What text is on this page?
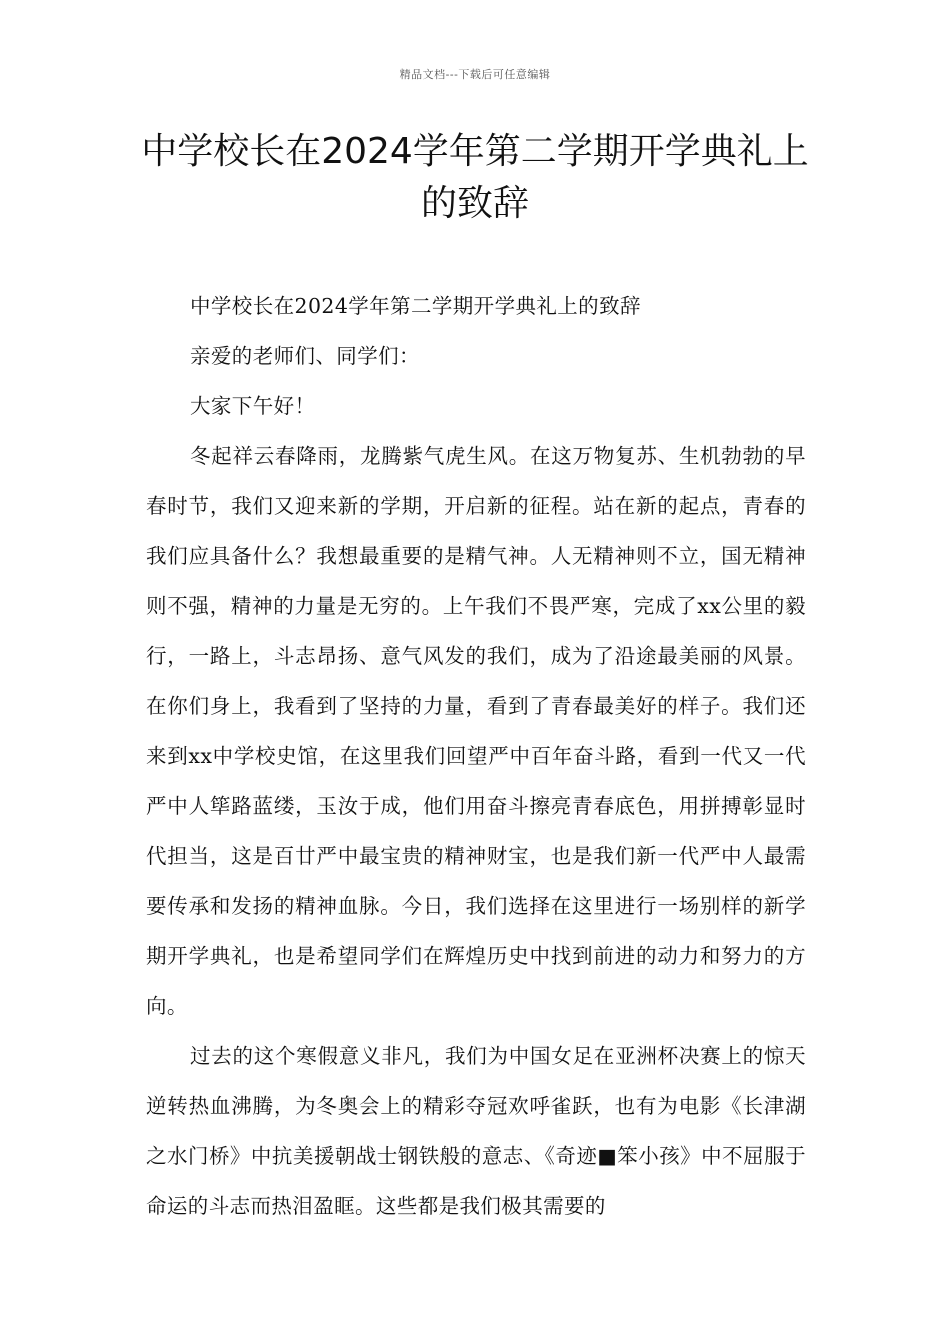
精品文档---下载后可任意编辑
中学校长在2024学年第二学期开学典礼上的致辞

中学校长在2024学年第二学期开学典礼上的致辞

亲爱的老师们、同学们：

大家下午好！

冬起祥云春降雨，龙腾紫气虎生风。在这万物复苏、生机勃勃的早春时节，我们又迎来新的学期，开启新的征程。站在新的起点，青春的我们应具备什么？我想最重要的是精气神。人无精神则不立，国无精神则不强，精神的力量是无穷的。上午我们不畏严寒，完成了xx公里的毅行，一路上，斗志昂扬、意气风发的我们，成为了沿途最美丽的风景。在你们身上，我看到了坚持的力量，看到了青春最美好的样子。我们还来到xx中学校史馆，在这里我们回望严中百年奋斗路，看到一代又一代严中人筚路蓝缕，玉汝于成，他们用奋斗擦亮青春底色，用拼搏彰显时代担当，这是百廿严中最宝贵的精神财宝，也是我们新一代严中人最需要传承和发扬的精神血脉。今日，我们选择在这里进行一场别样的新学期开学典礼，也是希望同学们在辉煌历史中找到前进的动力和努力的方向。

过去的这个寒假意义非凡，我们为中国女足在亚洲杯决赛上的惊天逆转热血沸腾，为冬奥会上的精彩夺冠欢呼雀跃，也有为电影《长津湖之水门桥》中抗美援朝战士钢铁般的意志、《奇迹■笨小孩》中不屈服于命运的斗志而热泪盈眶。这些都是我们极其需要的
